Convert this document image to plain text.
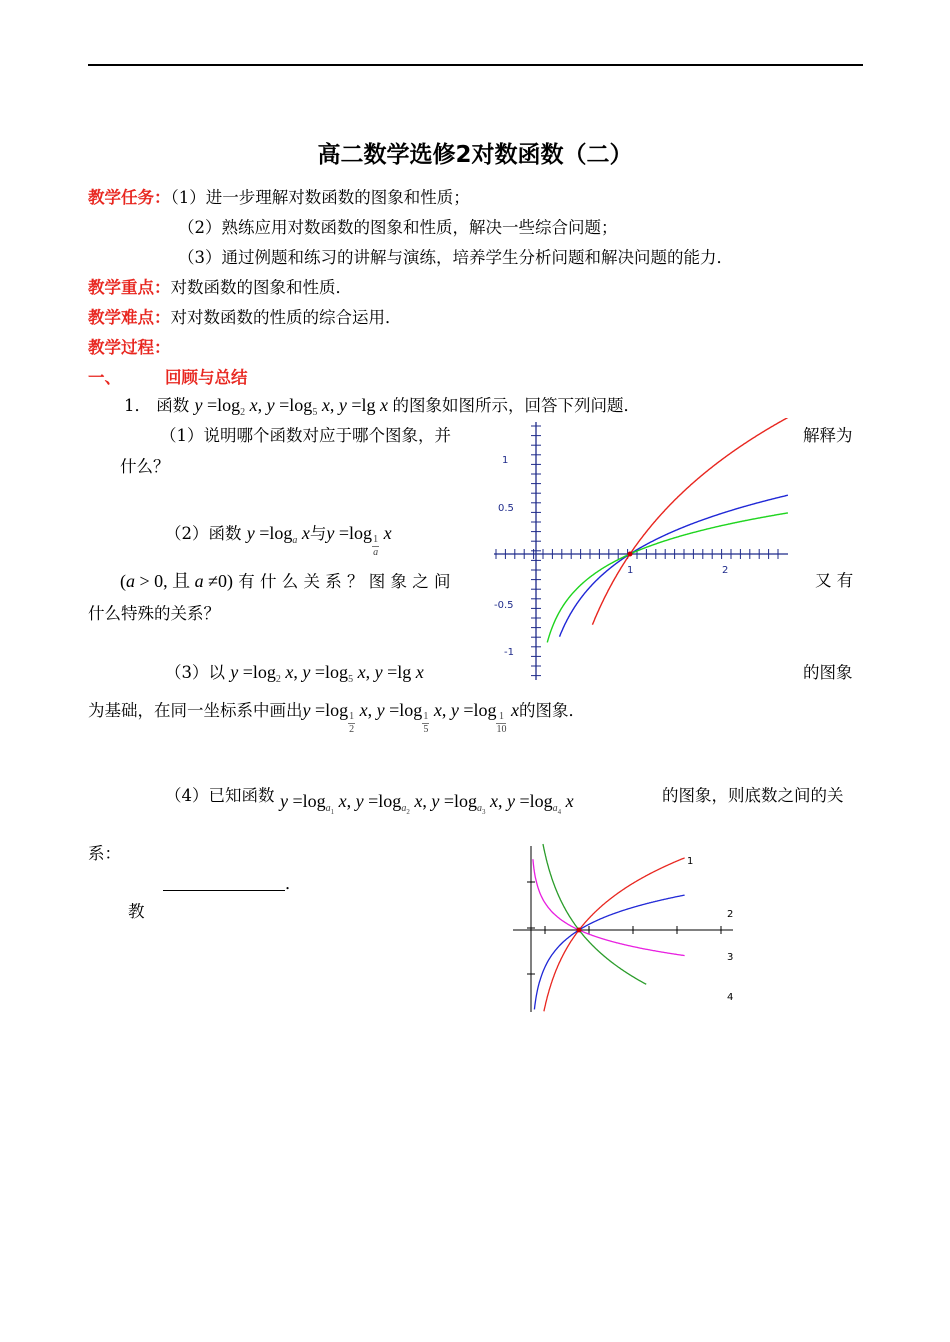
高二数学选修2对数函数（二）
教学任务：（1）进一步理解对数函数的图象和性质；
（2）熟练应用对数函数的图象和性质，解决一些综合问题；
（3）通过例题和练习的讲解与演练，培养学生分析问题和解决问题的能力．
教学重点：对数函数的图象和性质．
教学难点：对对数函数的性质的综合运用．
教学过程：
一、	回顾与总结
1． 函数 $y =\log_2$ x, $y =\log_5$ x, y =lg x 的图象如图所示，回答下列问题．
（1）说明哪个函数对应于哪个图象，并	解释为
什么？
（2）函数 $y =\log_a$ x与y =log
$\frac{1}{a}$
x
(a > 0, 且 a ≠0) 有 什 么 关 系 ？ 图 象 之 间	又 有
什么特殊的关系？
（3）以 $y =\log_2$ x, $y =\log_5$ x, y =lg x	的图象
为基础，在同一坐标系中画出y =log
$\frac{1}{2}$
x, y =log
$\frac{1}{5}$
x, y =log
$\frac{1}{10}$
x的图象．
（4）已知函数 $y =\log_{a_1}$ x, $y =\log_{a_2}$ x, $y =\log_{a_3}$ x, $y =\log_{a_4}$ x	的图象，则底数之间的关
系：
．
教
1
0.5
-0.5
-1
1	2
1
2
3
4
